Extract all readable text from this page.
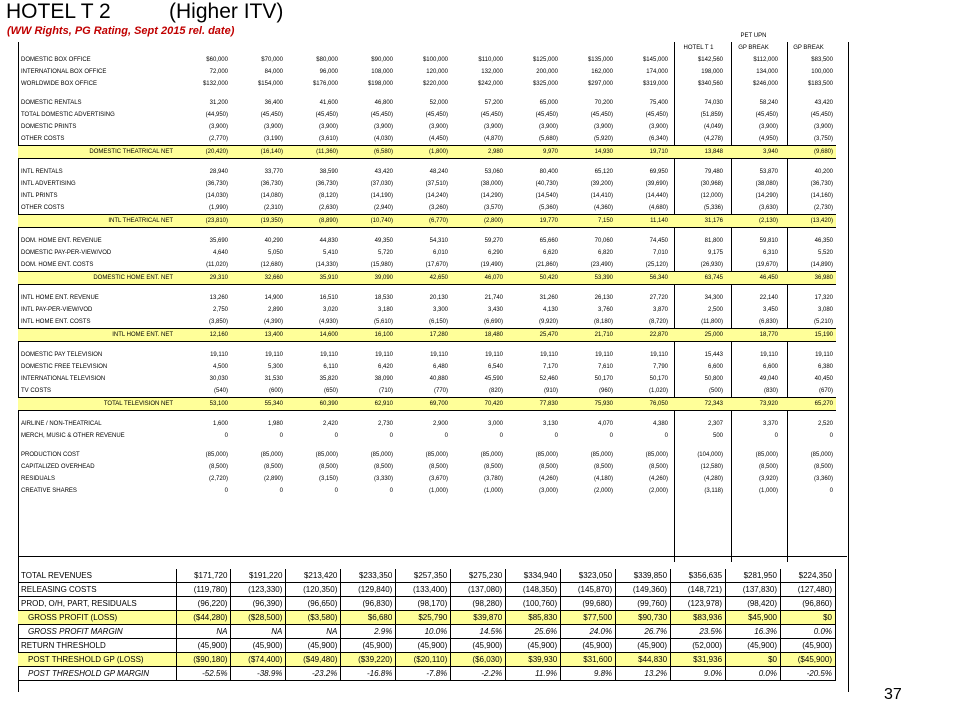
HOTEL T 2	(Higher ITV)
(WW Rights, PG Rating, Sept 2015 rel. date)
											PET UPN	
										HOTEL T 1	GP BREAK	GP BREAK
DOMESTIC BOX OFFICE	$60,000	$70,000	$80,000	$90,000	$100,000	$110,000	$125,000	$135,000	$145,000	$142,560	$112,000	$83,500
INTERNATIONAL BOX OFFICE	72,000	84,000	96,000	108,000	120,000	132,000	200,000	162,000	174,000	198,000	134,000	100,000
WORLDWIDE BOX OFFICE	$132,000	$154,000	$176,000	$198,000	$220,000	$242,000	$325,000	$297,000	$319,000	$340,560	$246,000	$183,500

DOMESTIC RENTALS	31,200	36,400	41,600	46,800	52,000	57,200	65,000	70,200	75,400	74,030	58,240	43,420
TOTAL DOMESTIC ADVERTISING	(44,950)	(45,450)	(45,450)	(45,450)	(45,450)	(45,450)	(45,450)	(45,450)	(45,450)	(51,859)	(45,450)	(45,450)
DOMESTIC PRINTS	(3,900)	(3,900)	(3,900)	(3,900)	(3,900)	(3,900)	(3,900)	(3,900)	(3,900)	(4,049)	(3,900)	(3,900)
OTHER COSTS	(2,770)	(3,190)	(3,610)	(4,030)	(4,450)	(4,870)	(5,680)	(5,920)	(6,340)	(4,278)	(4,950)	(3,750)
DOMESTIC THEATRICAL NET	(20,420)	(16,140)	(11,360)	(6,580)	(1,800)	2,980	9,970	14,930	19,710	13,848	3,940	(9,680)

INTL RENTALS	28,940	33,770	38,590	43,420	48,240	53,060	80,400	65,120	69,950	79,480	53,870	40,200
INTL ADVERTISING	(36,730)	(36,730)	(36,730)	(37,030)	(37,510)	(38,000)	(40,730)	(39,200)	(39,690)	(30,968)	(38,080)	(36,730)
INTL PRINTS	(14,030)	(14,080)	(8,120)	(14,190)	(14,240)	(14,290)	(14,540)	(14,410)	(14,440)	(12,000)	(14,290)	(14,160)
OTHER COSTS	(1,990)	(2,310)	(2,630)	(2,940)	(3,260)	(3,570)	(5,360)	(4,360)	(4,680)	(5,336)	(3,630)	(2,730)
INTL THEATRICAL NET	(23,810)	(19,350)	(8,890)	(10,740)	(6,770)	(2,800)	19,770	7,150	11,140	31,176	(2,130)	(13,420)

DOM. HOME ENT. REVENUE	35,690	40,290	44,830	49,350	54,310	59,270	65,660	70,060	74,450	81,800	59,810	46,350
DOMESTIC PAY-PER-VIEW/VOD	4,640	5,050	5,410	5,720	6,010	6,290	6,620	6,820	7,010	9,175	6,310	5,520
DOM. HOME ENT. COSTS	(11,020)	(12,680)	(14,330)	(15,980)	(17,670)	(19,490)	(21,860)	(23,490)	(25,120)	(26,930)	(19,670)	(14,890)
DOMESTIC HOME ENT. NET	29,310	32,660	35,910	39,090	42,650	46,070	50,420	53,390	56,340	63,745	46,450	36,980

INTL HOME ENT. REVENUE	13,260	14,900	16,510	18,530	20,130	21,740	31,260	26,130	27,720	34,300	22,140	17,320
INTL PAY-PER-VIEW/VOD	2,750	2,890	3,020	3,180	3,300	3,430	4,130	3,760	3,870	2,500	3,450	3,080
INTL HOME ENT. COSTS	(3,850)	(4,390)	(4,930)	(5,610)	(6,150)	(6,690)	(9,920)	(8,180)	(8,720)	(11,800)	(6,830)	(5,210)
INTL HOME ENT. NET	12,160	13,400	14,600	16,100	17,280	18,480	25,470	21,710	22,870	25,000	18,770	15,190

DOMESTIC PAY TELEVISION	19,110	19,110	19,110	19,110	19,110	19,110	19,110	19,110	19,110	15,443	19,110	19,110
DOMESTIC FREE TELEVISION	4,500	5,300	6,110	6,420	6,480	6,540	7,170	7,610	7,790	6,600	6,600	6,380
INTERNATIONAL TELEVISION	30,030	31,530	35,820	38,090	40,880	45,590	52,460	50,170	50,170	50,800	49,040	40,450
TV COSTS	(540)	(600)	(650)	(710)	(770)	(820)	(910)	(960)	(1,020)	(500)	(830)	(670)
TOTAL TELEVISION NET	53,100	55,340	60,390	62,910	69,700	70,420	77,830	75,930	76,050	72,343	73,920	65,270

AIRLINE / NON-THEATRICAL	1,600	1,980	2,420	2,730	2,900	3,000	3,130	4,070	4,380	2,307	3,370	2,520
MERCH, MUSIC & OTHER REVENUE	0	0	0	0	0	0	0	0	0	500	0	0

PRODUCTION COST	(85,000)	(85,000)	(85,000)	(85,000)	(85,000)	(85,000)	(85,000)	(85,000)	(85,000)	(104,000)	(85,000)	(85,000)
CAPITALIZED OVERHEAD	(8,500)	(8,500)	(8,500)	(8,500)	(8,500)	(8,500)	(8,500)	(8,500)	(8,500)	(12,580)	(8,500)	(8,500)
RESIDUALS	(2,720)	(2,890)	(3,150)	(3,330)	(3,670)	(3,780)	(4,260)	(4,180)	(4,260)	(4,280)	(3,920)	(3,360)
CREATIVE SHARES	0	0	0	0	(1,000)	(1,000)	(3,000)	(2,000)	(2,000)	(3,118)	(1,000)	0
TOTAL REVENUES	$171,720	$191,220	$213,420	$233,350	$257,350	$275,230	$334,940	$323,050	$339,850	$356,635	$281,950	$224,350
RELEASING COSTS	(119,780)	(123,330)	(120,350)	(129,840)	(133,400)	(137,080)	(148,350)	(145,870)	(149,360)	(148,721)	(137,830)	(127,480)
PROD, O/H, PART, RESIDUALS	(96,220)	(96,390)	(96,650)	(96,830)	(98,170)	(98,280)	(100,760)	(99,680)	(99,760)	(123,978)	(98,420)	(96,860)
GROSS PROFIT (LOSS)	($44,280)	($28,500)	($3,580)	$6,680	$25,790	$39,870	$85,830	$77,500	$90,730	$83,936	$45,900	$0
GROSS PROFIT MARGIN	NA	NA	NA	2.9%	10.0%	14.5%	25.6%	24.0%	26.7%	23.5%	16.3%	0.0%
RETURN THRESHOLD	(45,900)	(45,900)	(45,900)	(45,900)	(45,900)	(45,900)	(45,900)	(45,900)	(45,900)	(52,000)	(45,900)	(45,900)
POST THRESHOLD GP (LOSS)	($90,180)	($74,400)	($49,480)	($39,220)	($20,110)	($6,030)	$39,930	$31,600	$44,830	$31,936	$0	($45,900)
POST THRESHOLD GP MARGIN	-52.5%	-38.9%	-23.2%	-16.8%	-7.8%	-2.2%	11.9%	9.8%	13.2%	9.0%	0.0%	-20.5%
37
